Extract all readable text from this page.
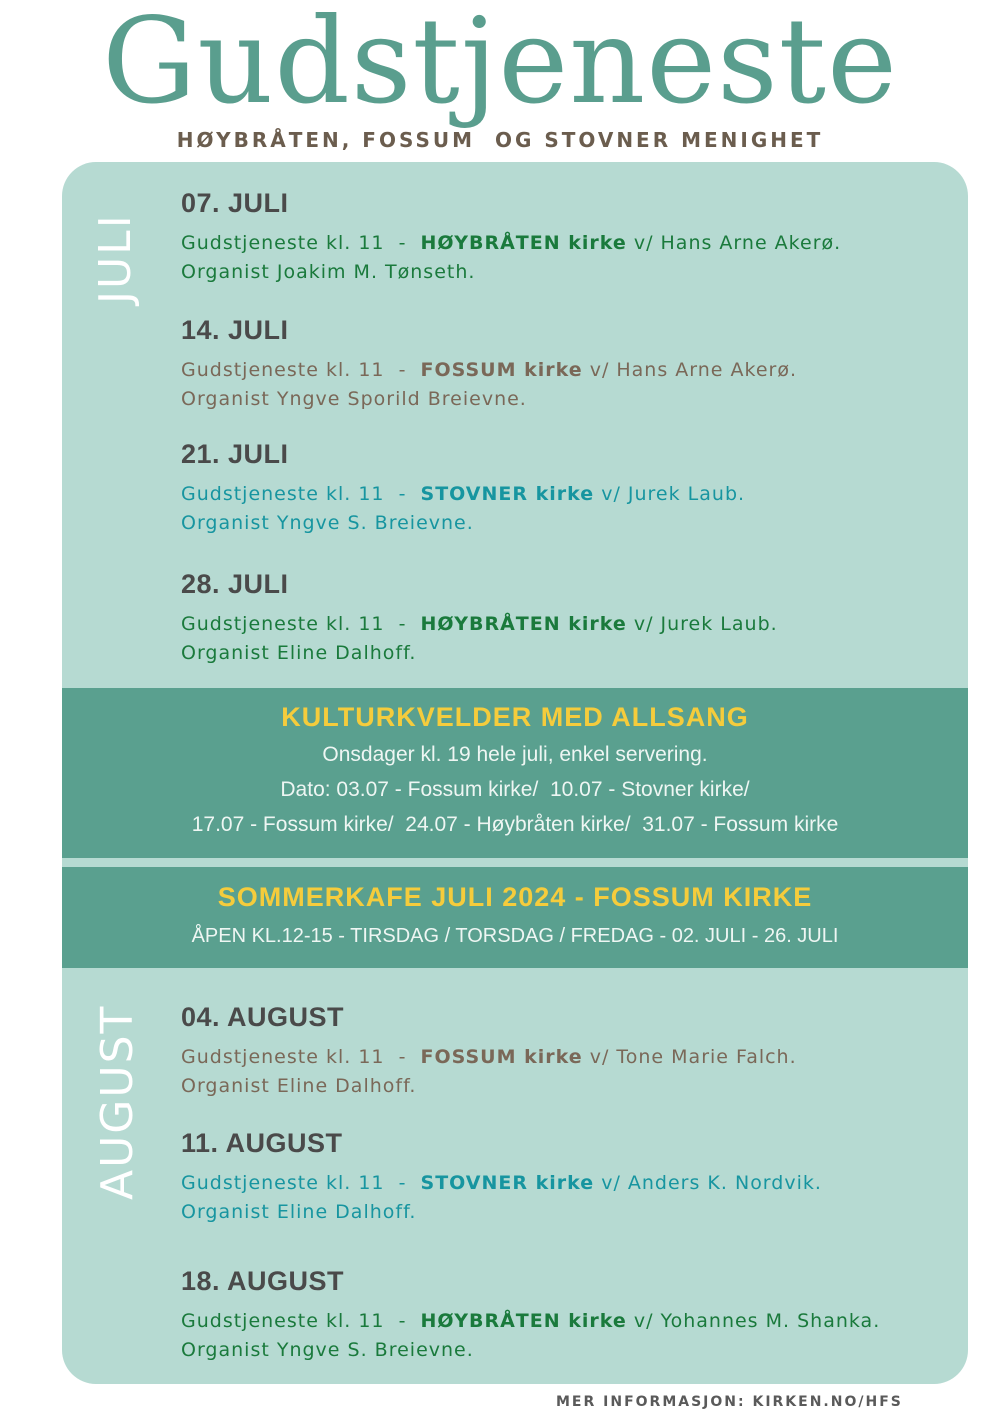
Gudstjeneste
HØYBRÅTEN, FOSSUM  OG STOVNER MENIGHET
JULI
07. JULI
Gudstjeneste kl. 11  -  HØYBRÅTEN kirke v/ Hans Arne Akerø.
Organist Joakim M. Tønseth.
14. JULI
Gudstjeneste kl. 11  -  FOSSUM kirke v/ Hans Arne Akerø.
Organist Yngve Sporild Breievne.
21. JULI
Gudstjeneste kl. 11  -  STOVNER kirke v/ Jurek Laub.
Organist Yngve S. Breievne.
28. JULI
Gudstjeneste kl. 11  -  HØYBRÅTEN kirke v/ Jurek Laub.
Organist Eline Dalhoff.
KULTURKVELDER MED ALLSANG
Onsdager kl. 19 hele juli, enkel servering.
Dato: 03.07 - Fossum kirke/  10.07 - Stovner kirke/
17.07 - Fossum kirke/  24.07 - Høybråten kirke/  31.07 - Fossum kirke
SOMMERKAFE JULI 2024 - FOSSUM KIRKE
ÅPEN KL.12-15 - TIRSDAG / TORSDAG / FREDAG - 02. JULI - 26. JULI
AUGUST 04. AUGUST
Gudstjeneste kl. 11  -  FOSSUM kirke v/ Tone Marie Falch.
Organist Eline Dalhoff.
11. AUGUST
Gudstjeneste kl. 11  -  STOVNER kirke v/ Anders K. Nordvik.
Organist Eline Dalhoff.
18. AUGUST
Gudstjeneste kl. 11  -  HØYBRÅTEN kirke v/ Yohannes M. Shanka.
Organist Yngve S. Breievne.
MER INFORMASJON: KIRKEN.NO/HFS
